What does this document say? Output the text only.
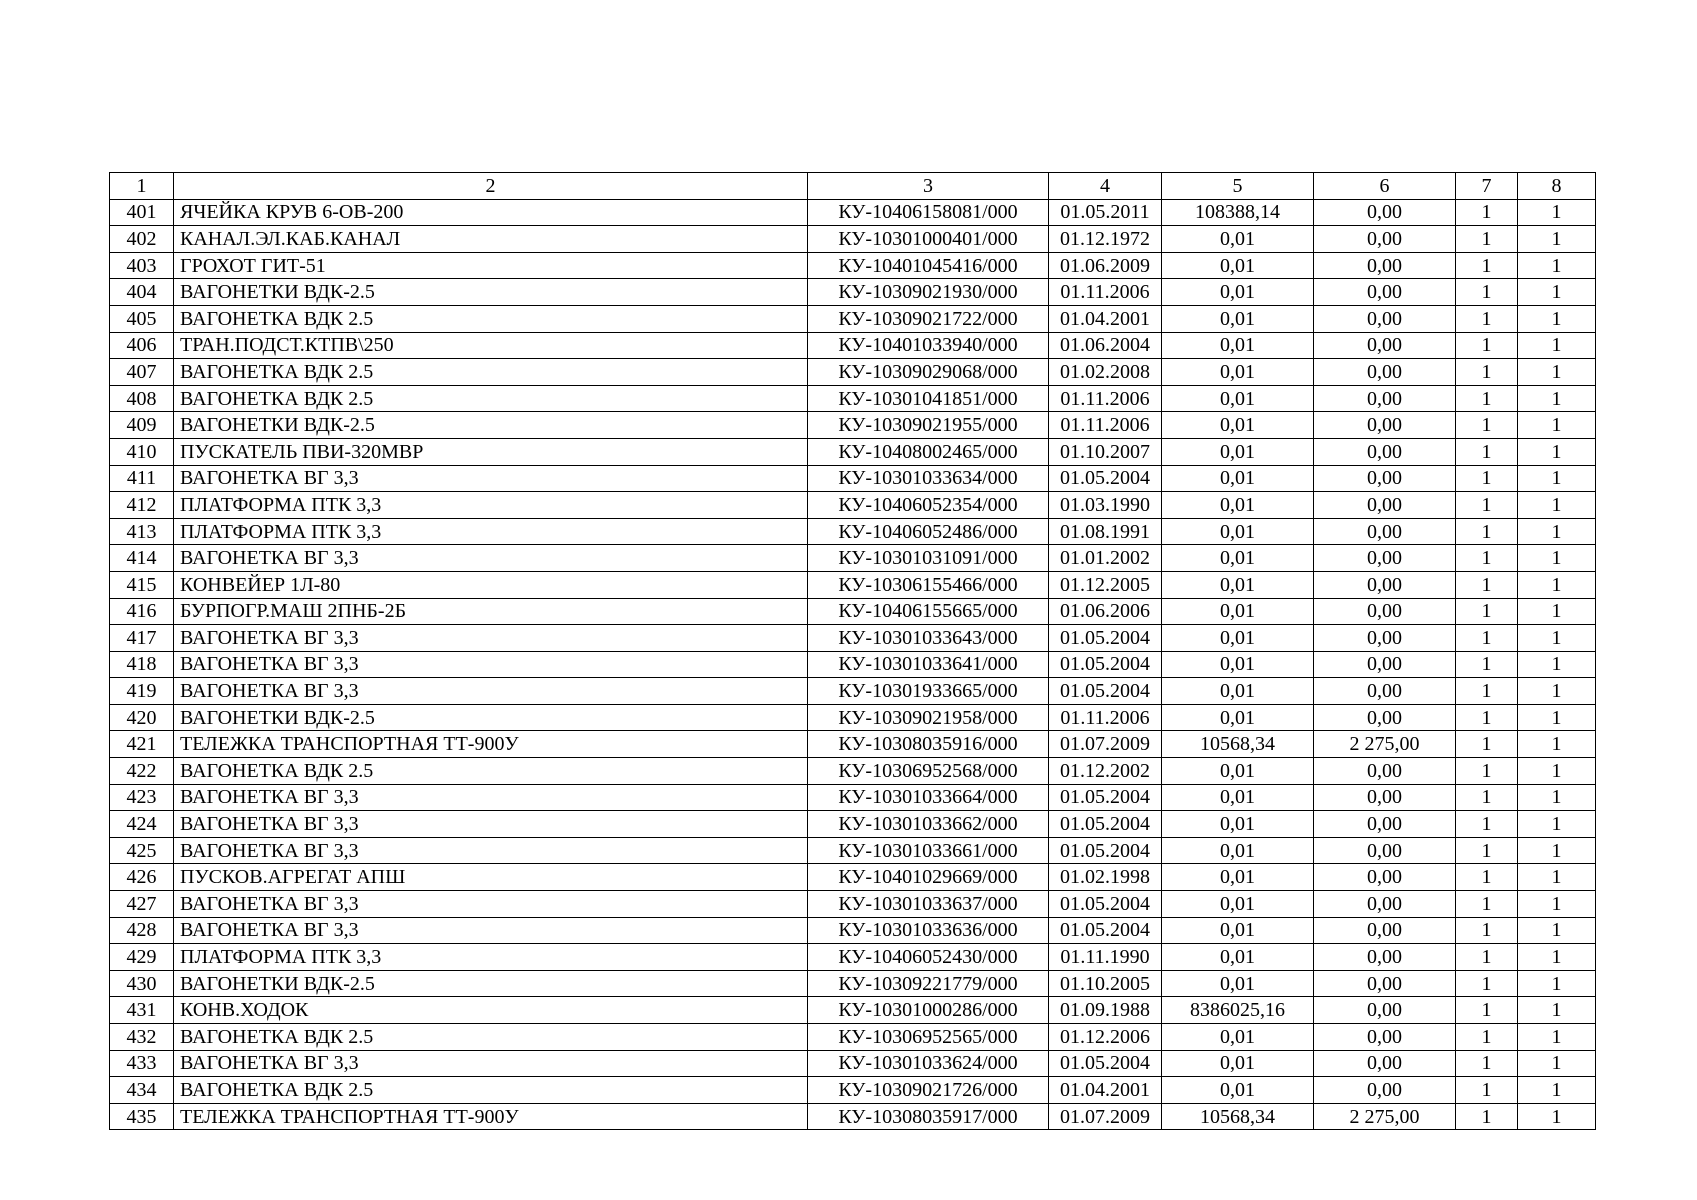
1	2	3	4	5	6	7	8
401	ЯЧЕЙКА КРУВ 6-ОВ-200	КУ-10406158081/000	01.05.2011	108388,14	0,00	1	1
402	КАНАЛ.ЭЛ.КАБ.КАНАЛ	КУ-10301000401/000	01.12.1972	0,01	0,00	1	1
403	ГРОХОТ ГИТ-51	КУ-10401045416/000	01.06.2009	0,01	0,00	1	1
404	ВАГОНЕТКИ ВДК-2.5	КУ-10309021930/000	01.11.2006	0,01	0,00	1	1
405	ВАГОНЕТКА ВДК 2.5	КУ-10309021722/000	01.04.2001	0,01	0,00	1	1
406	ТРАН.ПОДСТ.КТПВ\250	КУ-10401033940/000	01.06.2004	0,01	0,00	1	1
407	ВАГОНЕТКА ВДК 2.5	КУ-10309029068/000	01.02.2008	0,01	0,00	1	1
408	ВАГОНЕТКА ВДК 2.5	КУ-10301041851/000	01.11.2006	0,01	0,00	1	1
409	ВАГОНЕТКИ ВДК-2.5	КУ-10309021955/000	01.11.2006	0,01	0,00	1	1
410	ПУСКАТЕЛЬ ПВИ-320МВР	КУ-10408002465/000	01.10.2007	0,01	0,00	1	1
411	ВАГОНЕТКА ВГ 3,3	КУ-10301033634/000	01.05.2004	0,01	0,00	1	1
412	ПЛАТФОРМА ПТК 3,3	КУ-10406052354/000	01.03.1990	0,01	0,00	1	1
413	ПЛАТФОРМА ПТК 3,3	КУ-10406052486/000	01.08.1991	0,01	0,00	1	1
414	ВАГОНЕТКА ВГ 3,3	КУ-10301031091/000	01.01.2002	0,01	0,00	1	1
415	КОНВЕЙЕР 1Л-80	КУ-10306155466/000	01.12.2005	0,01	0,00	1	1
416	БУРПОГР.МАШ 2ПНБ-2Б	КУ-10406155665/000	01.06.2006	0,01	0,00	1	1
417	ВАГОНЕТКА ВГ 3,3	КУ-10301033643/000	01.05.2004	0,01	0,00	1	1
418	ВАГОНЕТКА ВГ 3,3	КУ-10301033641/000	01.05.2004	0,01	0,00	1	1
419	ВАГОНЕТКА ВГ 3,3	КУ-10301933665/000	01.05.2004	0,01	0,00	1	1
420	ВАГОНЕТКИ ВДК-2.5	КУ-10309021958/000	01.11.2006	0,01	0,00	1	1
421	ТЕЛЕЖКА ТРАНСПОРТНАЯ ТТ-900У	КУ-10308035916/000	01.07.2009	10568,34	2 275,00	1	1
422	ВАГОНЕТКА ВДК 2.5	КУ-10306952568/000	01.12.2002	0,01	0,00	1	1
423	ВАГОНЕТКА ВГ 3,3	КУ-10301033664/000	01.05.2004	0,01	0,00	1	1
424	ВАГОНЕТКА ВГ 3,3	КУ-10301033662/000	01.05.2004	0,01	0,00	1	1
425	ВАГОНЕТКА ВГ 3,3	КУ-10301033661/000	01.05.2004	0,01	0,00	1	1
426	ПУСКОВ.АГРЕГАТ АПШ	КУ-10401029669/000	01.02.1998	0,01	0,00	1	1
427	ВАГОНЕТКА ВГ 3,3	КУ-10301033637/000	01.05.2004	0,01	0,00	1	1
428	ВАГОНЕТКА ВГ 3,3	КУ-10301033636/000	01.05.2004	0,01	0,00	1	1
429	ПЛАТФОРМА ПТК 3,3	КУ-10406052430/000	01.11.1990	0,01	0,00	1	1
430	ВАГОНЕТКИ ВДК-2.5	КУ-10309221779/000	01.10.2005	0,01	0,00	1	1
431	КОНВ.ХОДОК	КУ-10301000286/000	01.09.1988	8386025,16	0,00	1	1
432	ВАГОНЕТКА ВДК 2.5	КУ-10306952565/000	01.12.2006	0,01	0,00	1	1
433	ВАГОНЕТКА ВГ 3,3	КУ-10301033624/000	01.05.2004	0,01	0,00	1	1
434	ВАГОНЕТКА ВДК 2.5	КУ-10309021726/000	01.04.2001	0,01	0,00	1	1
435	ТЕЛЕЖКА ТРАНСПОРТНАЯ ТТ-900У	КУ-10308035917/000	01.07.2009	10568,34	2 275,00	1	1
